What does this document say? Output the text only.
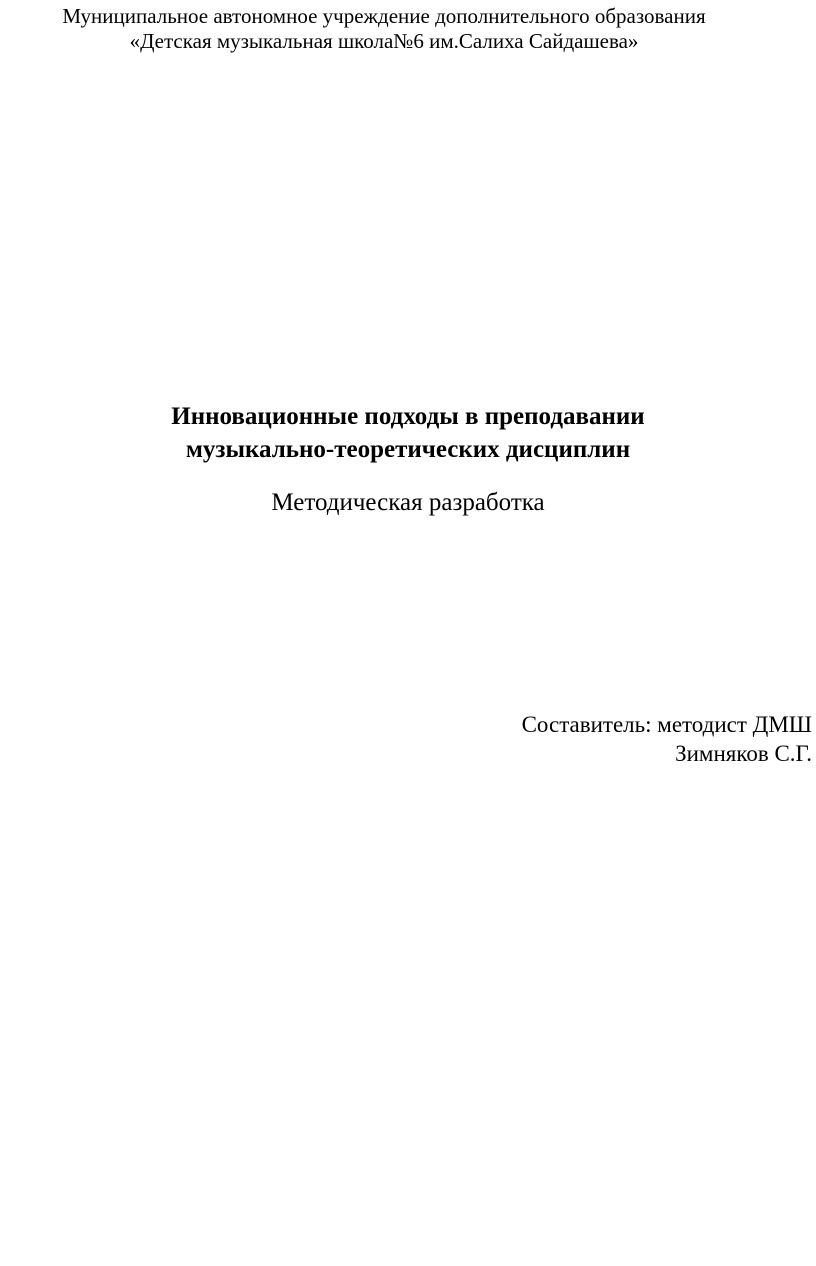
Муниципальное автономное учреждение дополнительного образования
«Детская музыкальная школа№6 им.Салиха Сайдашева»
Инновационные подходы в преподавании
музыкально-теоретических дисциплин
Методическая разработка
Составитель: методист ДМШ
Зимняков С.Г.
